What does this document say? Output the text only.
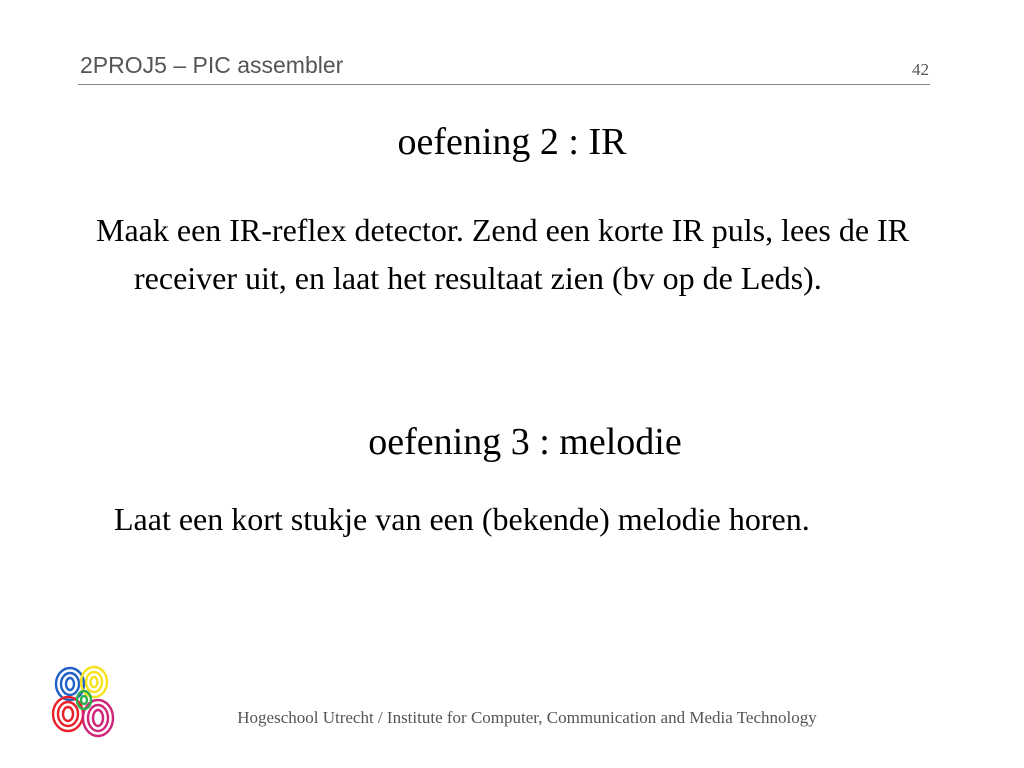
2PROJ5 – PIC assembler	42
oefening 2 : IR

Maak een IR-reflex detector. Zend een korte IR puls, lees de IR receiver uit, en laat het resultaat zien (bv op de Leds).

oefening 3 : melodie

Laat een kort stukje van een (bekende) melodie horen.

Hogeschool Utrecht / Institute for Computer, Communication and Media Technology
